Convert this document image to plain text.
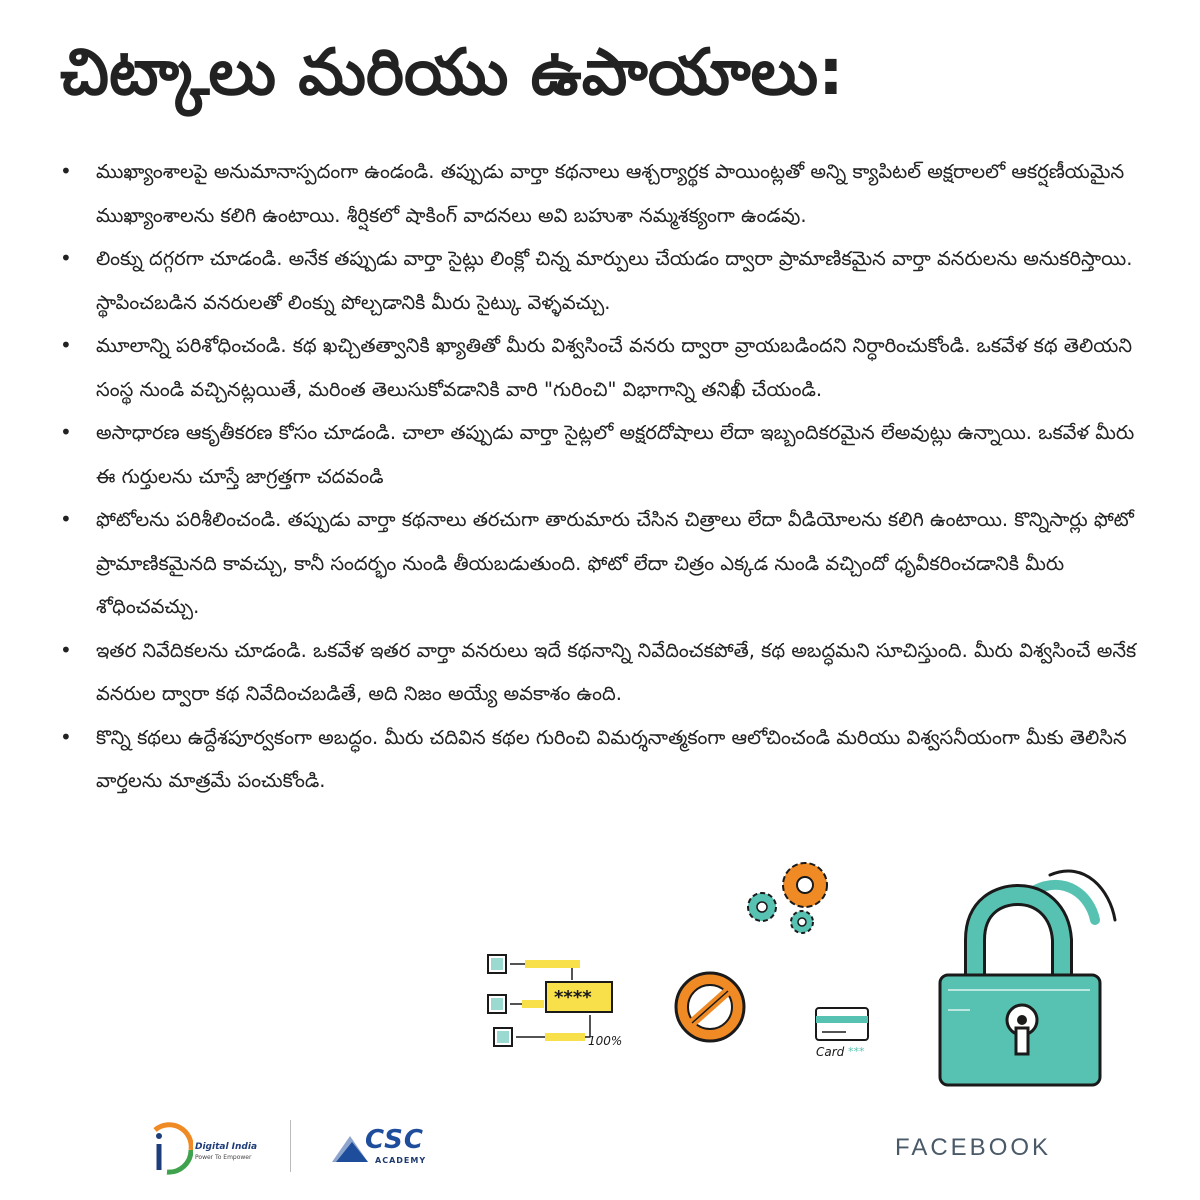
చిట్కాలు మరియు ఉపాయాలు:
•	ముఖ్యాంశాలపై అనుమానాస్పదంగా ఉండండి. తప్పుడు వార్తా కథనాలు ఆశ్చర్యార్థక పాయింట్లతో అన్ని క్యాపిటల్ అక్షరాలలో ఆకర్షణీయమైన ముఖ్యాంశాలను కలిగి ఉంటాయి. శీర్షికలో షాకింగ్ వాదనలు అవి బహుశా నమ్మశక్యంగా ఉండవు.
•	లింక్ను దగ్గరగా చూడండి. అనేక తప్పుడు వార్తా సైట్లు లింక్లో చిన్న మార్పులు చేయడం ద్వారా ప్రామాణికమైన వార్తా వనరులను అనుకరిస్తాయి. స్థాపించబడిన వనరులతో లింక్ను పోల్చడానికి మీరు సైట్కు వెళ్ళవచ్చు.
•	మూలాన్ని పరిశోధించండి. కథ ఖచ్చితత్వానికి ఖ్యాతితో మీరు విశ్వసించే వనరు ద్వారా వ్రాయబడిందని నిర్ధారించుకోండి. ఒకవేళ కథ తెలియని సంస్థ నుండి వచ్చినట్లయితే, మరింత తెలుసుకోవడానికి వారి "గురించి" విభాగాన్ని తనిఖీ చేయండి.
•	అసాధారణ ఆకృతీకరణ కోసం చూడండి. చాలా తప్పుడు వార్తా సైట్లలో అక్షరదోషాలు లేదా ఇబ్బందికరమైన లేఅవుట్లు ఉన్నాయి. ఒకవేళ మీరు ఈ గుర్తులను చూస్తే జాగ్రత్తగా చదవండి
•	ఫోటోలను పరిశీలించండి. తప్పుడు వార్తా కథనాలు తరచుగా తారుమారు చేసిన చిత్రాలు లేదా వీడియోలను కలిగి ఉంటాయి. కొన్నిసార్లు ఫోటో ప్రామాణికమైనది కావచ్చు, కానీ సందర్భం నుండి తీయబడుతుంది. ఫోటో లేదా చిత్రం ఎక్కడ నుండి వచ్చిందో ధృవీకరించడానికి మీరు శోధించవచ్చు.
•	ఇతర నివేదికలను చూడండి. ఒకవేళ ఇతర వార్తా వనరులు ఇదే కథనాన్ని నివేదించకపోతే, కథ అబద్ధమని సూచిస్తుంది. మీరు విశ్వసించే అనేక వనరుల ద్వారా కథ నివేదించబడితే, అది నిజం అయ్యే అవకాశం ఉంది.
•	కొన్ని కథలు ఉద్దేశపూర్వకంగా అబద్ధం. మీరు చదివిన కథల గురించి విమర్శనాత్మకంగా ఆలోచించండి మరియు విశ్వసనీయంగా మీకు తెలిసిన వార్తలను మాత్రమే పంచుకోండి.
****
100%
Card ***
Digital India
Power To Empower
CSC
ACADEMY	FACEBOOK
